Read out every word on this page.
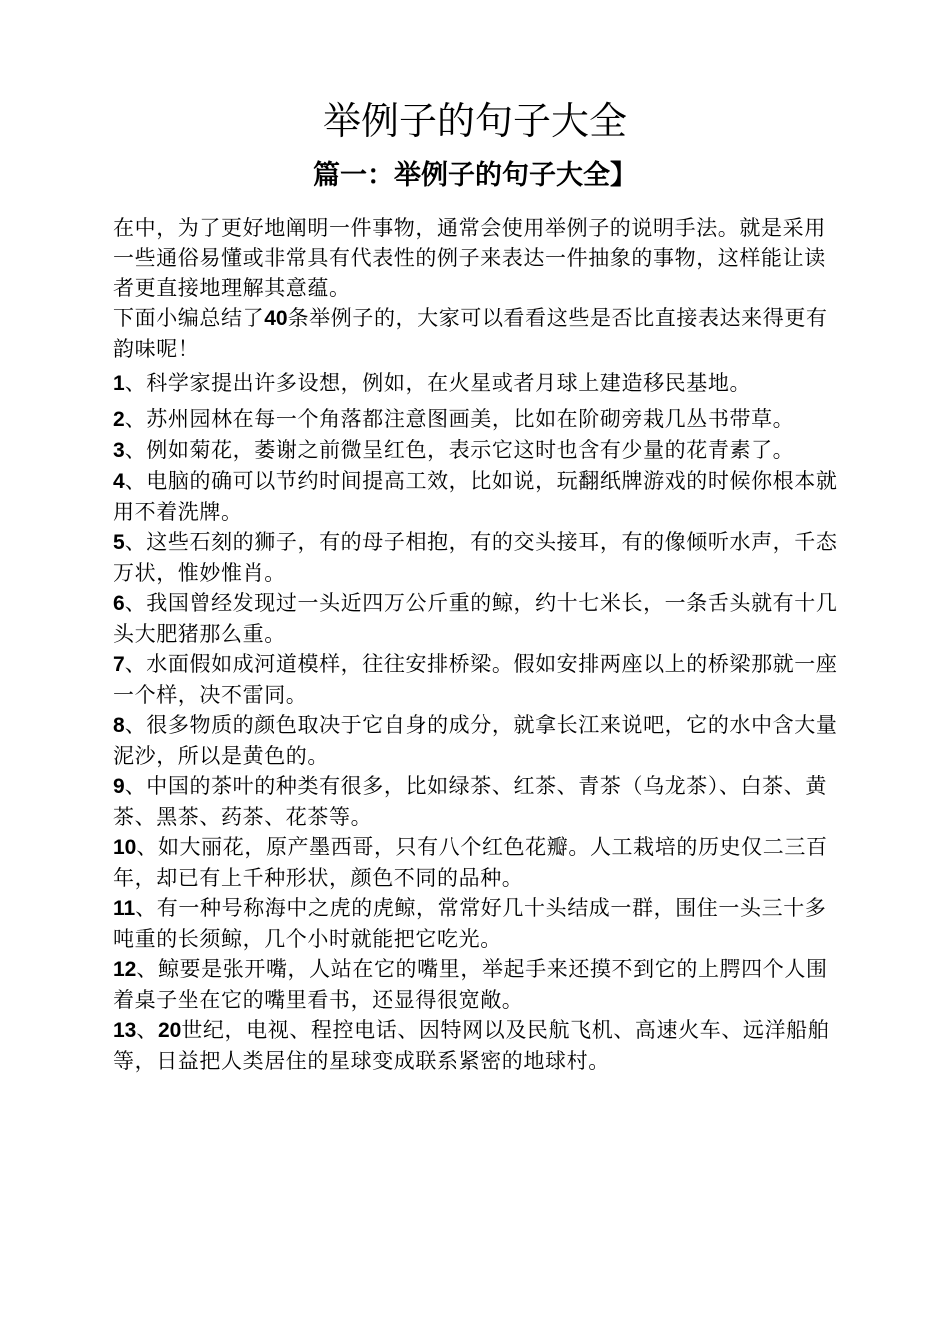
举例子的句子大全
篇一：举例子的句子大全】

在中，为了更好地阐明一件事物，通常会使用举例子的说明手法。就是采用一些通俗易懂或非常具有代表性的例子来表达一件抽象的事物，这样能让读者更直接地理解其意蕴。

下面小编总结了40条举例子的，大家可以看看这些是否比直接表达来得更有韵味呢！

1、科学家提出许多设想，例如，在火星或者月球上建造移民基地。

2、苏州园林在每一个角落都注意图画美，比如在阶砌旁栽几丛书带草。

3、例如菊花，萎谢之前微呈红色，表示它这时也含有少量的花青素了。

4、电脑的确可以节约时间提高工效，比如说，玩翻纸牌游戏的时候你根本就用不着洗牌。

5、这些石刻的狮子，有的母子相抱，有的交头接耳，有的像倾听水声，千态万状，惟妙惟肖。

6、我国曾经发现过一头近四万公斤重的鲸，约十七米长，一条舌头就有十几头大肥猪那么重。

7、水面假如成河道模样，往往安排桥梁。假如安排两座以上的桥梁那就一座一个样，决不雷同。

8、很多物质的颜色取决于它自身的成分，就拿长江来说吧，它的水中含大量泥沙，所以是黄色的。

9、中国的茶叶的种类有很多，比如绿茶、红茶、青茶（乌龙茶）、白茶、黄茶、黑茶、药茶、花茶等。

10、如大丽花，原产墨西哥，只有八个红色花瓣。人工栽培的历史仅二三百年，却已有上千种形状，颜色不同的品种。

11、有一种号称海中之虎的虎鲸，常常好几十头结成一群，围住一头三十多吨重的长须鲸，几个小时就能把它吃光。

12、鲸要是张开嘴，人站在它的嘴里，举起手来还摸不到它的上腭四个人围着桌子坐在它的嘴里看书，还显得很宽敞。

13、20世纪，电视、程控电话、因特网以及民航飞机、高速火车、远洋船舶等，日益把人类居住的星球变成联系紧密的地球村。
